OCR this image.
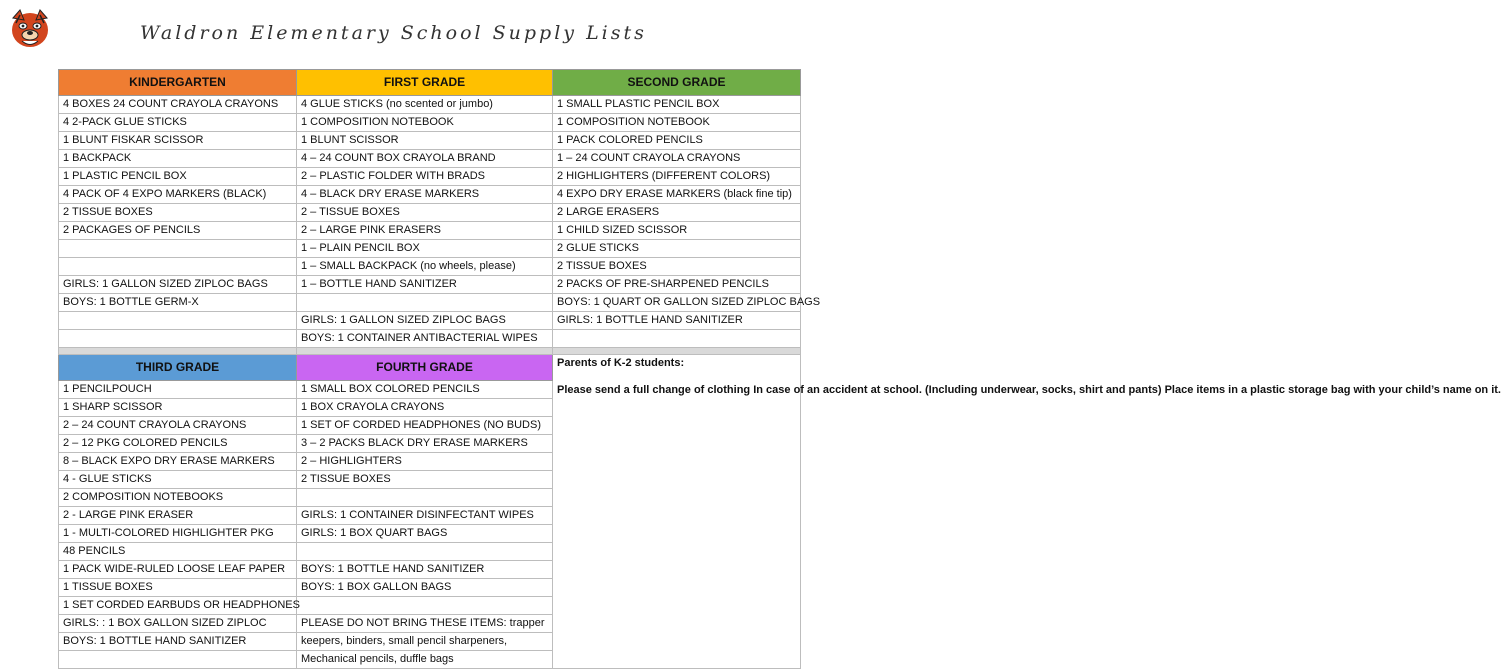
Waldron Elementary School Supply Lists
KINDERGARTEN	FIRST GRADE	SECOND GRADE
4 BOXES 24 COUNT CRAYOLA CRAYONS	4 GLUE STICKS (no scented or jumbo)	1 SMALL PLASTIC PENCIL BOX
4 2-PACK GLUE STICKS	1 COMPOSITION NOTEBOOK	1 COMPOSITION NOTEBOOK
1 BLUNT FISKAR SCISSOR	1 BLUNT SCISSOR	1 PACK COLORED PENCILS
1 BACKPACK	4 – 24 COUNT BOX CRAYOLA BRAND	1 – 24 COUNT CRAYOLA CRAYONS
1 PLASTIC PENCIL BOX	2 – PLASTIC FOLDER WITH BRADS	2 HIGHLIGHTERS (DIFFERENT COLORS)
4 PACK OF 4 EXPO MARKERS (BLACK)	4 – BLACK DRY ERASE MARKERS	4 EXPO DRY ERASE MARKERS (black fine tip)
2 TISSUE BOXES	2 – TISSUE BOXES	2 LARGE ERASERS
2 PACKAGES OF PENCILS	2 – LARGE PINK ERASERS	1 CHILD SIZED SCISSOR
	1 – PLAIN PENCIL BOX	2 GLUE STICKS
	1 – SMALL BACKPACK (no wheels, please)	2 TISSUE BOXES
GIRLS: 1 GALLON SIZED ZIPLOC BAGS	1 – BOTTLE HAND SANITIZER	2 PACKS OF PRE-SHARPENED PENCILS
BOYS: 1 BOTTLE GERM-X		BOYS: 1 QUART OR GALLON SIZED ZIPLOC BAGS
	GIRLS: 1 GALLON SIZED ZIPLOC BAGS	GIRLS: 1 BOTTLE HAND SANITIZER
	BOYS: 1 CONTAINER ANTIBACTERIAL WIPES	

THIRD GRADE	FOURTH GRADE	Parents of K-2 students:

Please send a full change of clothing In case of an accident at school. (Including underwear, socks, shirt and pants) Place items in a plastic storage bag with your child’s name on it.

1 PENCILPOUCH	1 SMALL BOX COLORED PENCILS	
1 SHARP SCISSOR	1 BOX CRAYOLA CRAYONS	
2 – 24 COUNT CRAYOLA CRAYONS	1 SET OF CORDED HEADPHONES (NO BUDS)	
2 – 12 PKG COLORED PENCILS	3 – 2 PACKS BLACK DRY ERASE MARKERS	
8 – BLACK EXPO DRY ERASE MARKERS	2 – HIGHLIGHTERS	
4 - GLUE STICKS	2 TISSUE BOXES	
2 COMPOSITION NOTEBOOKS		
2 - LARGE PINK ERASER	GIRLS: 1 CONTAINER DISINFECTANT WIPES	
1 - MULTI-COLORED HIGHLIGHTER PKG	GIRLS: 1 BOX QUART BAGS	
48 PENCILS		
1 PACK WIDE-RULED LOOSE LEAF PAPER	BOYS: 1 BOTTLE HAND SANITIZER	
1 TISSUE BOXES	BOYS: 1 BOX GALLON BAGS	
1 SET CORDED EARBUDS OR HEADPHONES		
GIRLS: : 1 BOX GALLON SIZED ZIPLOC	PLEASE DO NOT BRING THESE ITEMS: trapper	
BOYS: 1 BOTTLE HAND SANITIZER	keepers, binders, small pencil sharpeners,	
	Mechanical pencils, duffle bags	
